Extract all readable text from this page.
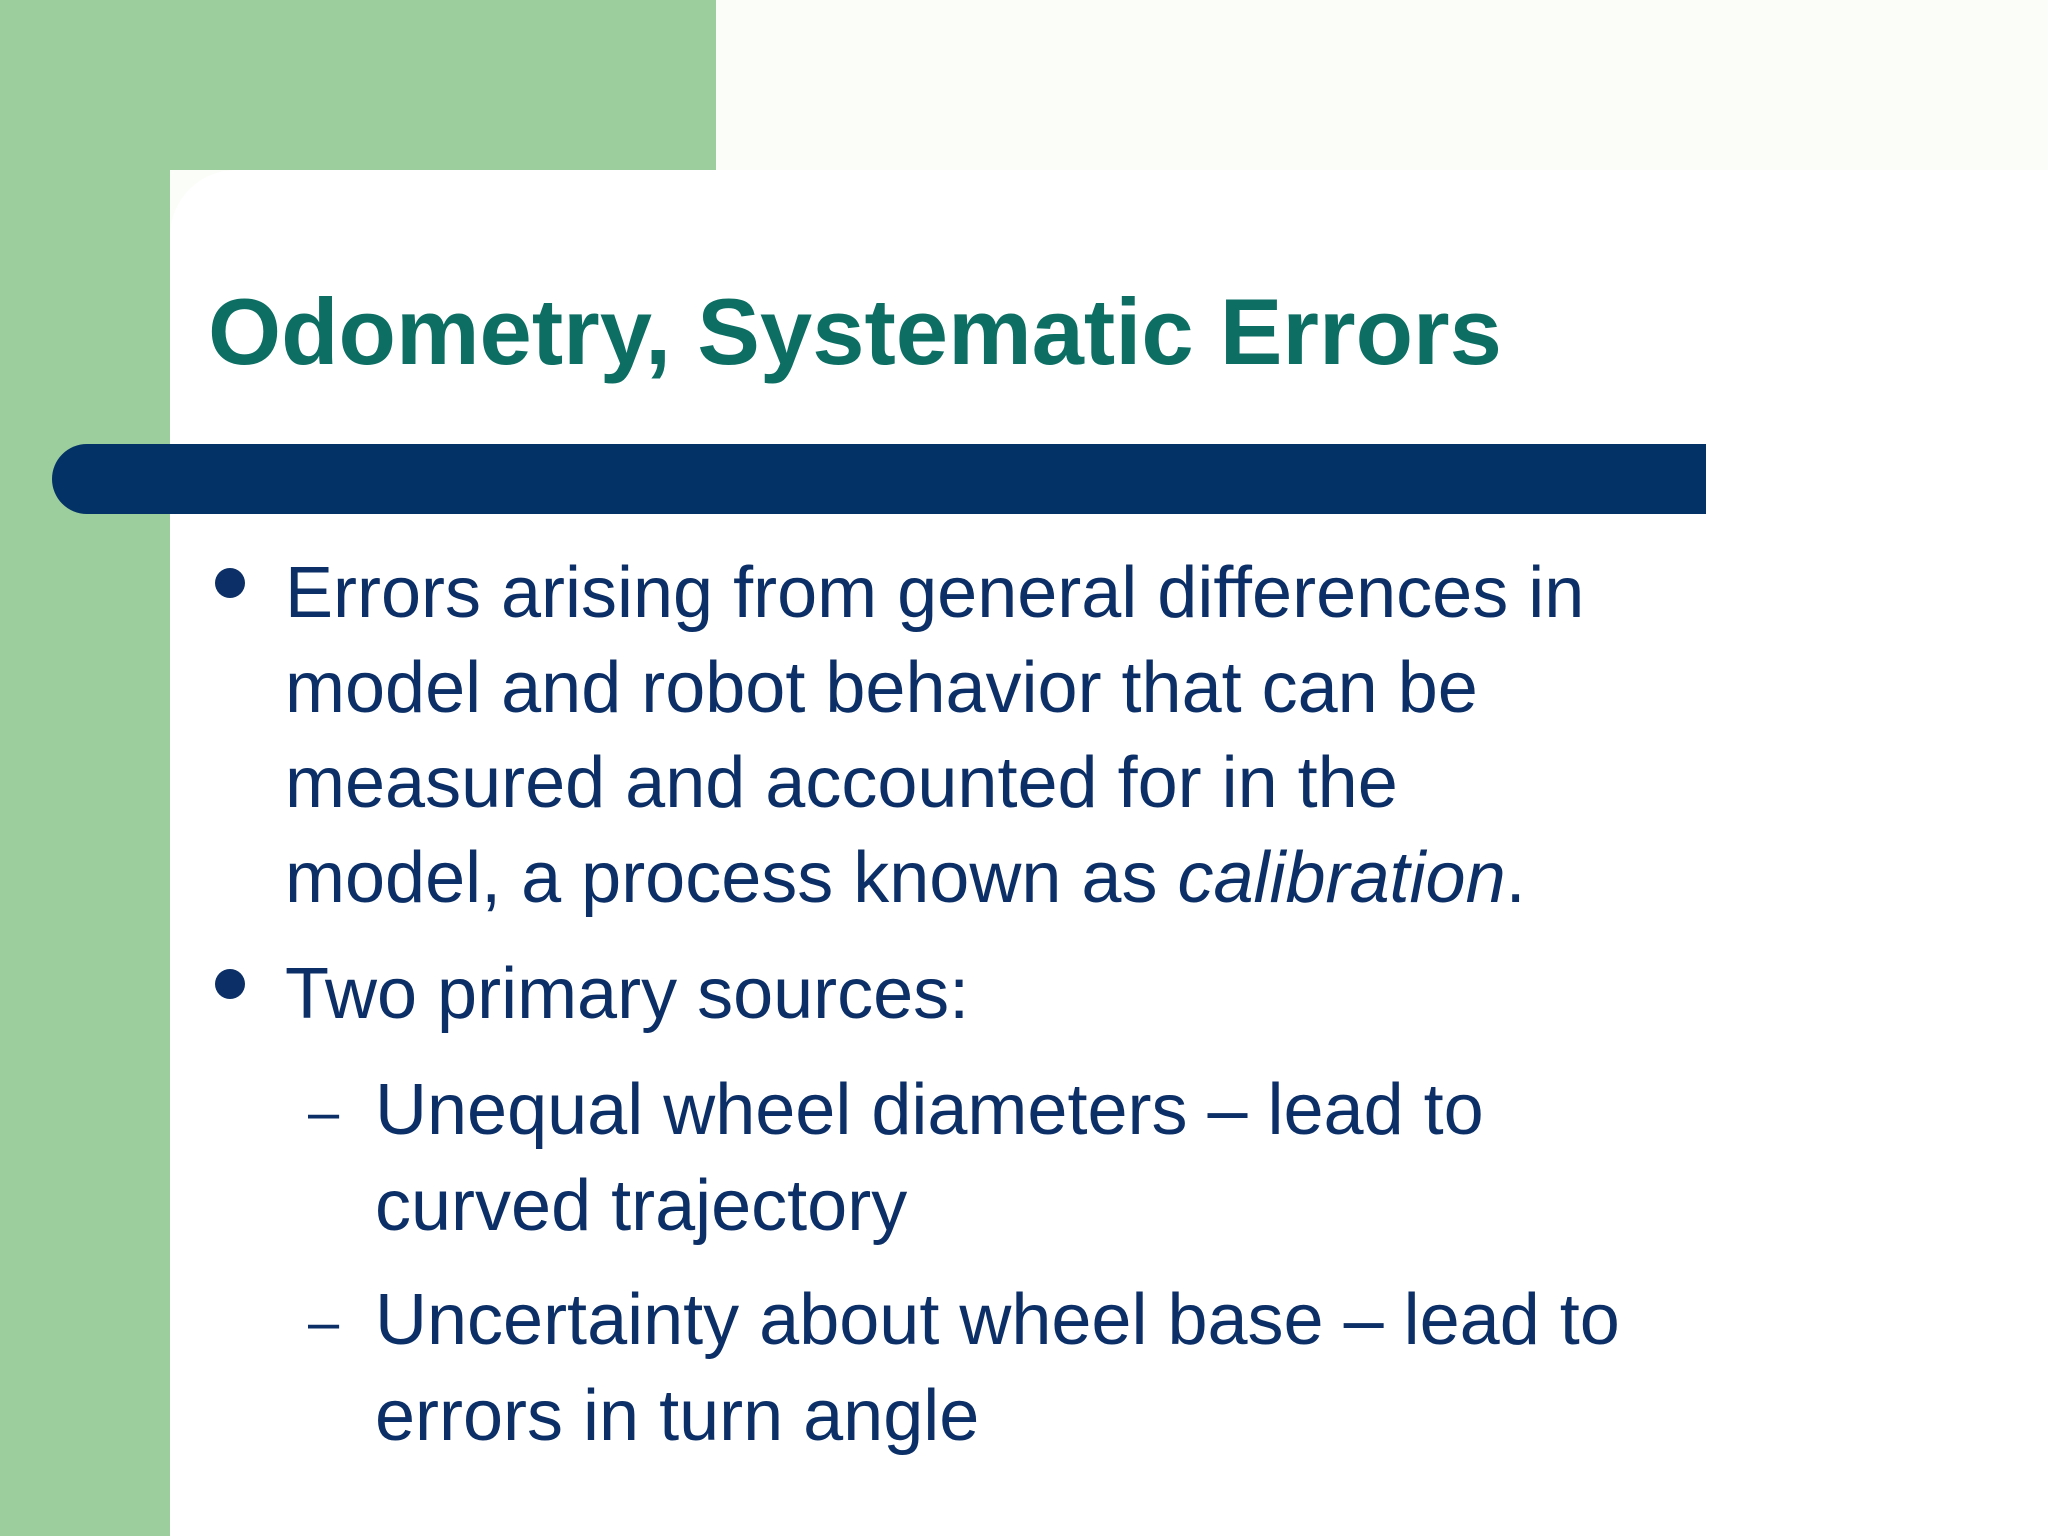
Odometry, Systematic Errors

Errors arising from general differences in

model and robot behavior that can be

measured and accounted for in the

model, a process known as calibration.

Two primary sources:

– Unequal wheel diameters – lead to

curved trajectory

– Uncertainty about wheel base – lead to

errors in turn angle
